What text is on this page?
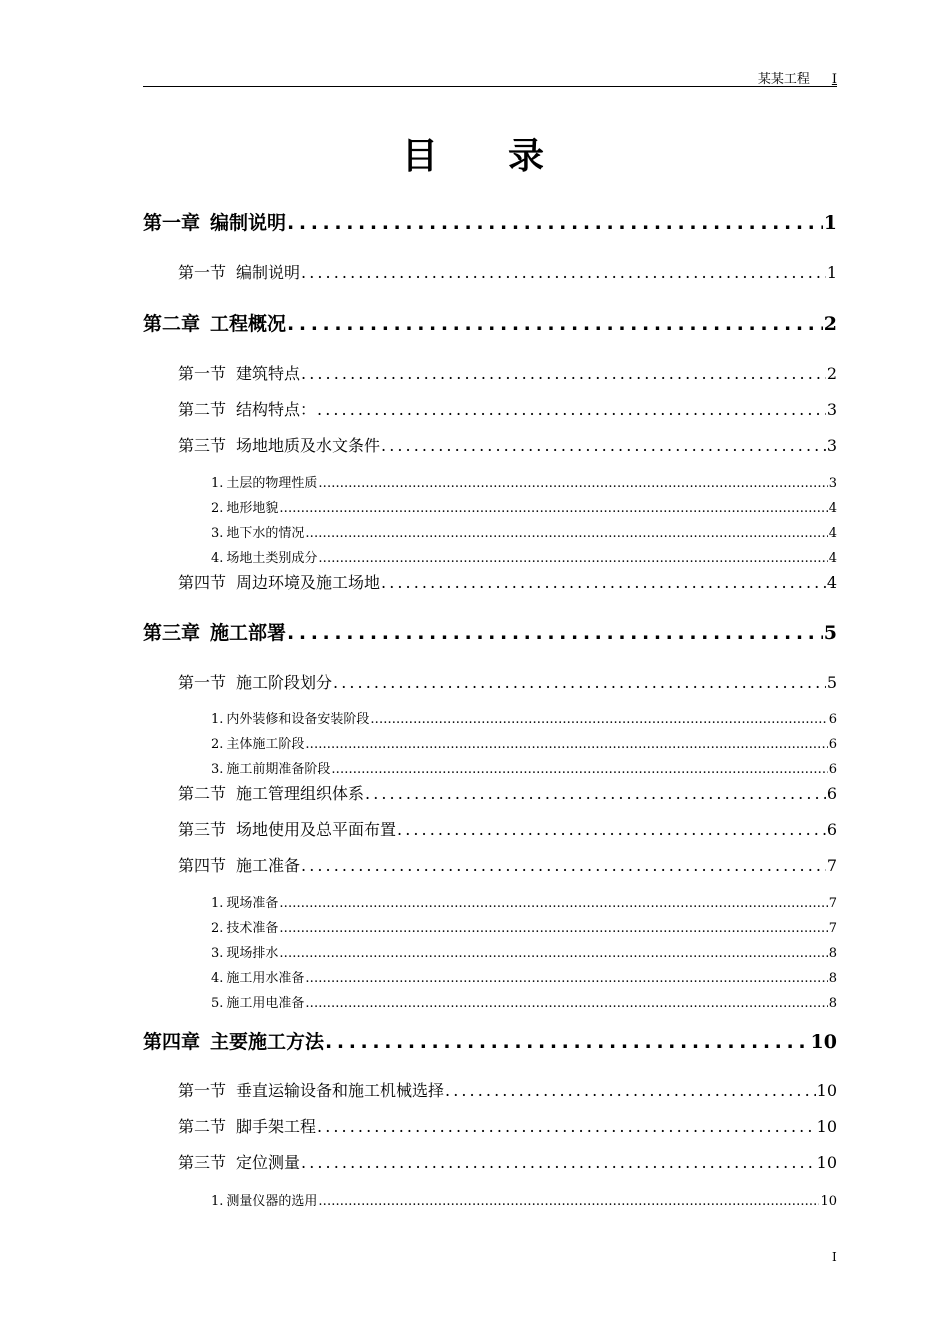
某某工程 I
目    录
第一章 编制说明 . . .	1
第一节 编制说明 . . .	1
第二章 工程概况 . . .	2
第一节 建筑特点 . . .	2
第二节 结构特点： . . .	3
第三节 场地地质及水文条件 . . .	3
1. 土层的物理性质 . . .	3
2. 地形地貌 . . .	4
3. 地下水的情况 . . .	4
4. 场地土类别成分 . . .	4
第四节 周边环境及施工场地 . . .	4
第三章 施工部署 . . .	5
第一节 施工阶段划分 . . .	5
1. 内外装修和设备安装阶段 . . .	6
2. 主体施工阶段 . . .	6
3. 施工前期准备阶段 . . .	6
第二节 施工管理组织体系 . . .	6
第三节 场地使用及总平面布置 . . .	6
第四节 施工准备 . . .	7
1. 现场准备 . . .	7
2. 技术准备 . . .	7
3. 现场排水 . . .	8
4. 施工用水准备 . . .	8
5. 施工用电准备 . . .	8
第四章 主要施工方法 . . .	10
第一节 垂直运输设备和施工机械选择 . . .	10
第二节 脚手架工程 . . .	10
第三节 定位测量 . . .	10
1. 测量仪器的选用 . . .	10
I
